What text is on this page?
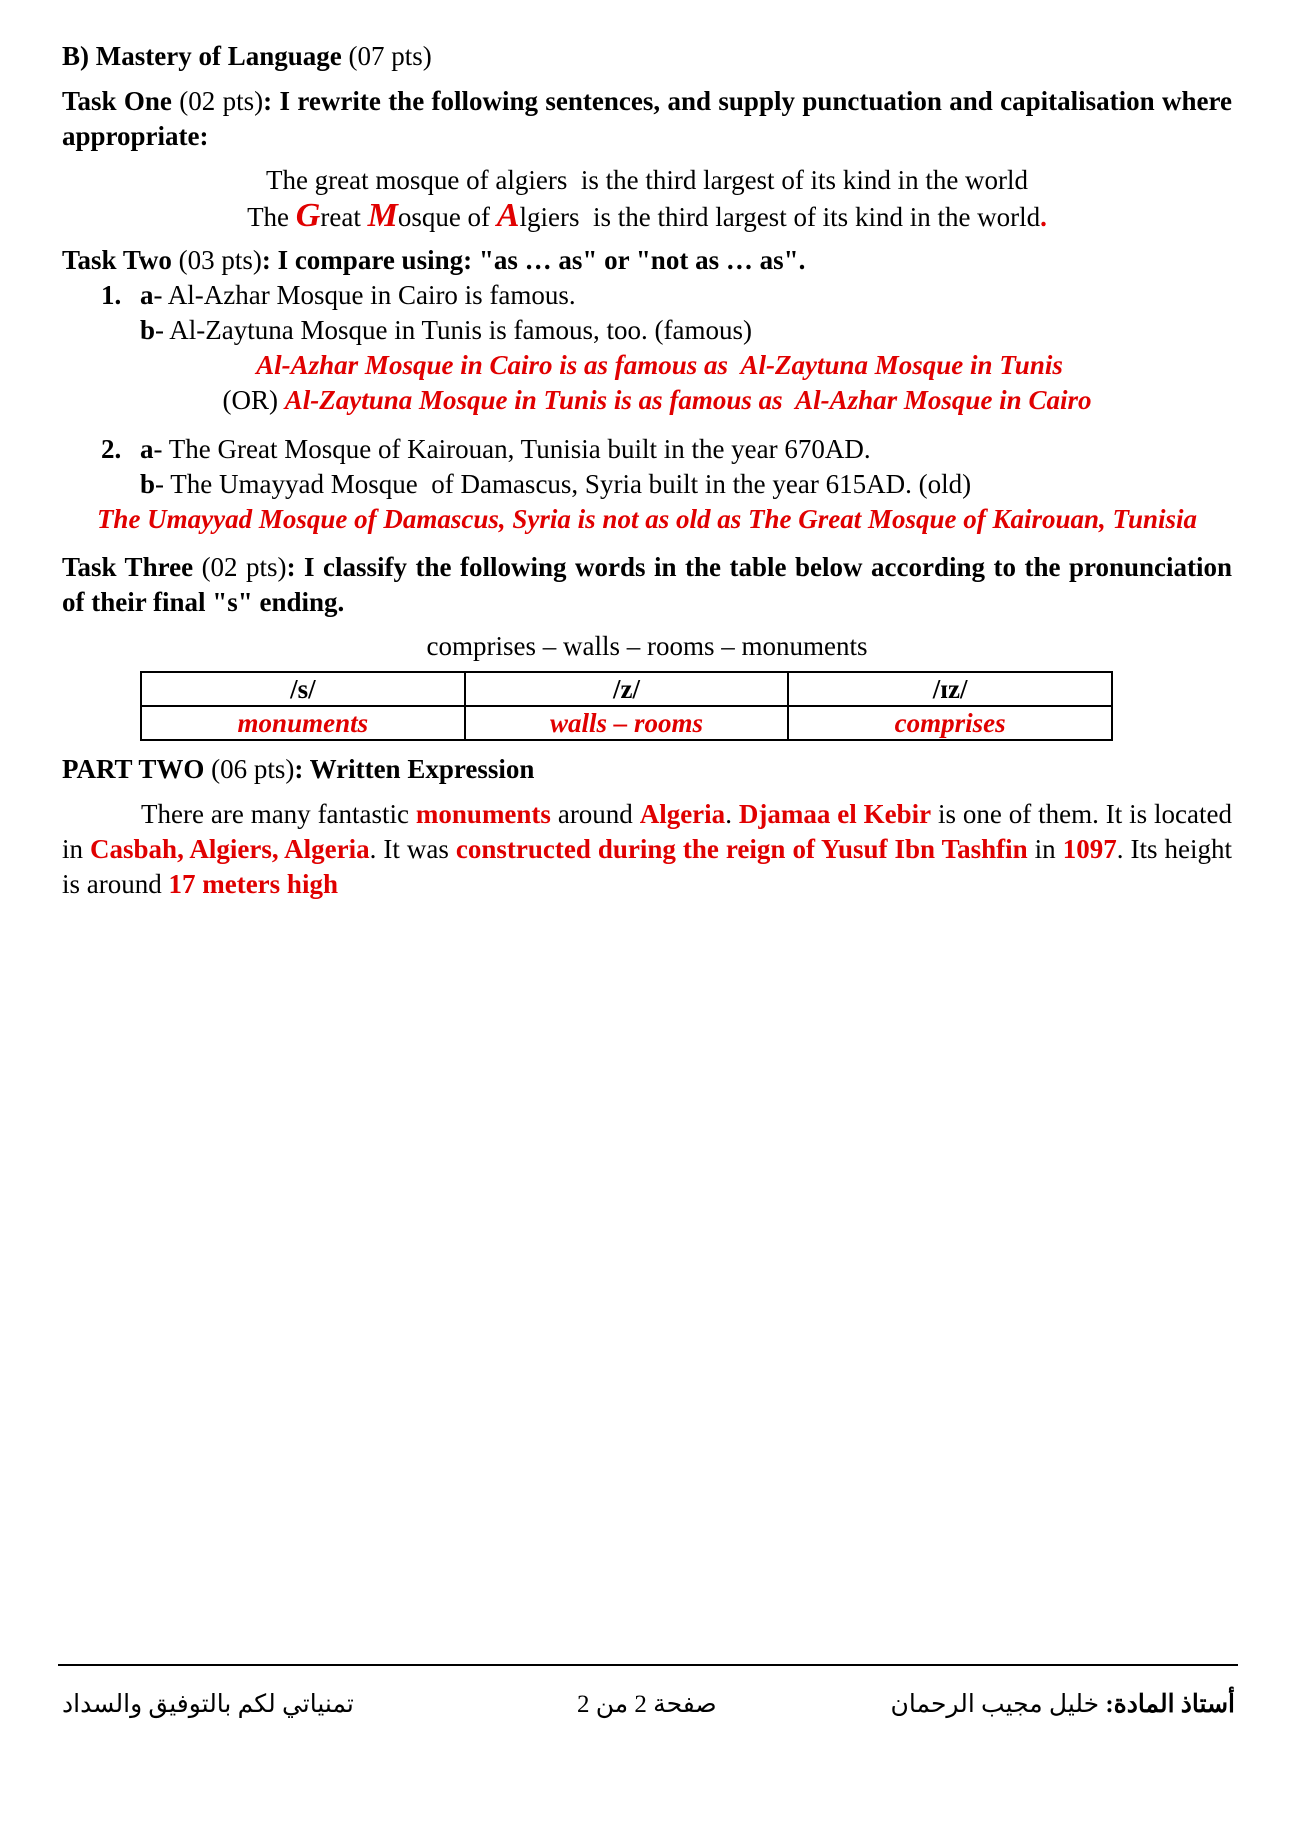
B) Mastery of Language (07 pts)

Task One (02 pts): I rewrite the following sentences, and supply punctuation and capitalisation where appropriate:

The great mosque of algiers  is the third largest of its kind in the world

The Great Mosque of Algiers  is the third largest of its kind in the world.

Task Two (03 pts): I compare using: "as … as" or "not as … as".

1. a- Al-Azhar Mosque in Cairo is famous.

b- Al-Zaytuna Mosque in Tunis is famous, too. (famous)

Al-Azhar Mosque in Cairo is as famous as  Al-Zaytuna Mosque in Tunis

(OR) Al-Zaytuna Mosque in Tunis is as famous as  Al-Azhar Mosque in Cairo

2. a- The Great Mosque of Kairouan, Tunisia built in the year 670AD.

b- The Umayyad Mosque  of Damascus, Syria built in the year 615AD. (old)

The Umayyad Mosque of Damascus, Syria is not as old as The Great Mosque of Kairouan, Tunisia

Task Three (02 pts): I classify the following words in the table below according to the pronunciation of their final "s" ending.

comprises – walls – rooms – monuments

/s/	/z/	/ɪz/
monuments	walls – rooms	comprises

PART TWO (06 pts): Written Expression

There are many fantastic monuments around Algeria. Djamaa el Kebir is one of them. It is located in Casbah, Algiers, Algeria. It was constructed during the reign of Yusuf Ibn Tashfin in 1097. Its height is around 17 meters high

أستاذ المادة: خليل مجيب الرحمان
صفحة 2 من 2
تمنياتي لكم بالتوفيق والسداد
